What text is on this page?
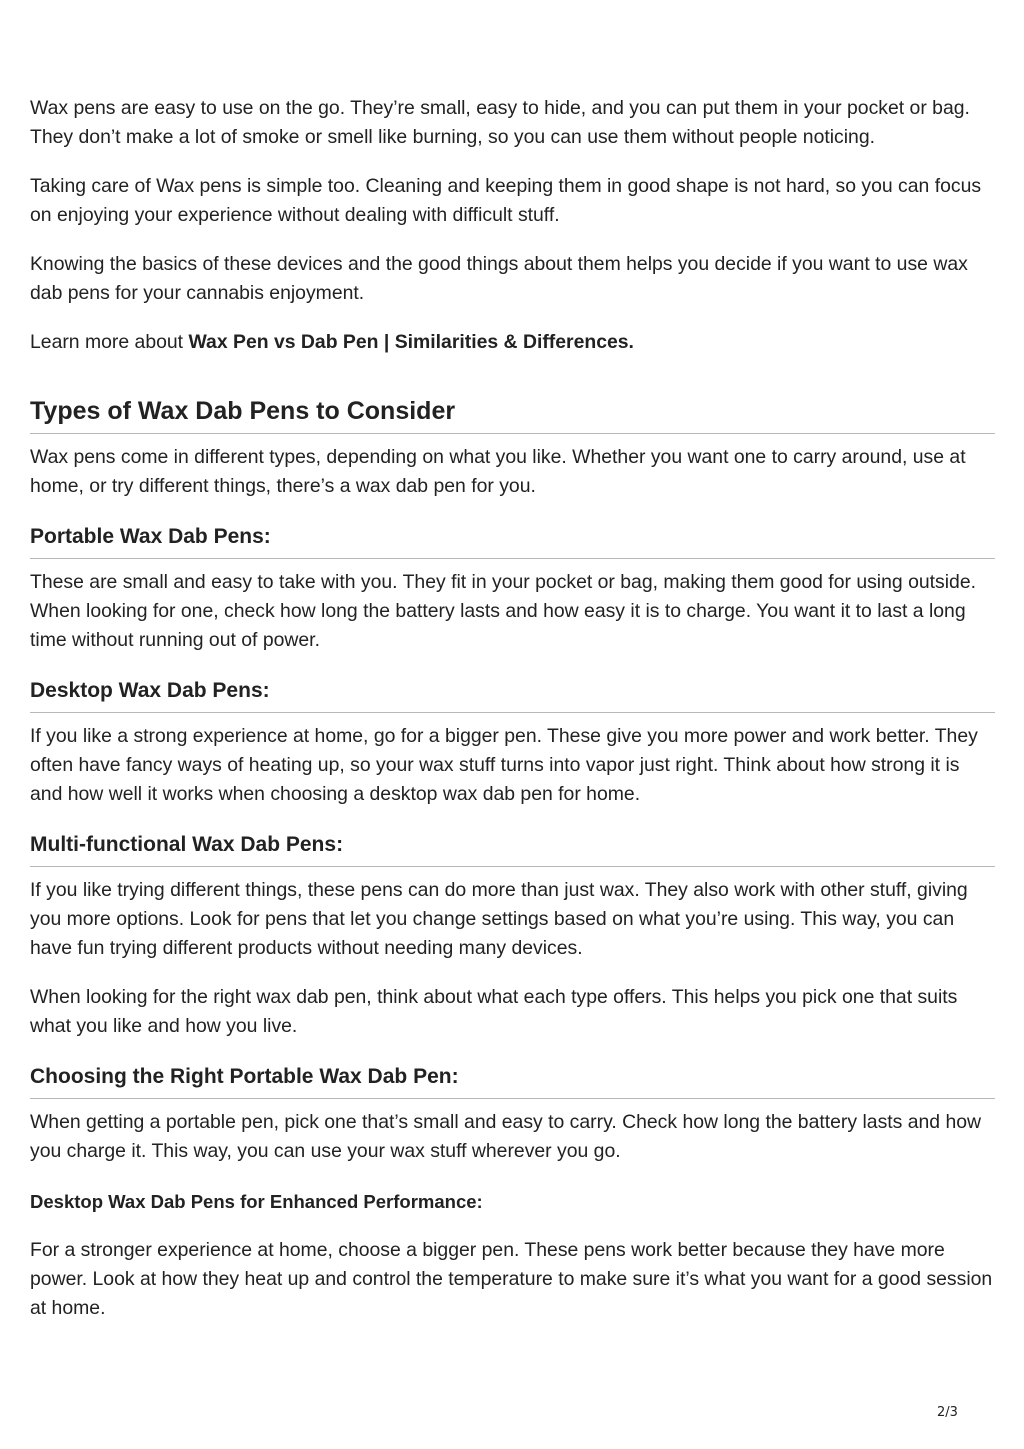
Wax pens are easy to use on the go. They’re small, easy to hide, and you can put them in your pocket or bag. They don’t make a lot of smoke or smell like burning, so you can use them without people noticing.

Taking care of Wax pens is simple too. Cleaning and keeping them in good shape is not hard, so you can focus on enjoying your experience without dealing with difficult stuff.

Knowing the basics of these devices and the good things about them helps you decide if you want to use wax dab pens for your cannabis enjoyment.

Learn more about Wax Pen vs Dab Pen | Similarities & Differences.

Types of Wax Dab Pens to Consider

Wax pens come in different types, depending on what you like. Whether you want one to carry around, use at home, or try different things, there’s a wax dab pen for you.

Portable Wax Dab Pens:

These are small and easy to take with you. They fit in your pocket or bag, making them good for using outside. When looking for one, check how long the battery lasts and how easy it is to charge. You want it to last a long time without running out of power.

Desktop Wax Dab Pens:

If you like a strong experience at home, go for a bigger pen. These give you more power and work better. They often have fancy ways of heating up, so your wax stuff turns into vapor just right. Think about how strong it is and how well it works when choosing a desktop wax dab pen for home.

Multi-functional Wax Dab Pens:

If you like trying different things, these pens can do more than just wax. They also work with other stuff, giving you more options. Look for pens that let you change settings based on what you’re using. This way, you can have fun trying different products without needing many devices.

When looking for the right wax dab pen, think about what each type offers. This helps you pick one that suits what you like and how you live.

Choosing the Right Portable Wax Dab Pen:

When getting a portable pen, pick one that’s small and easy to carry. Check how long the battery lasts and how you charge it. This way, you can use your wax stuff wherever you go.

Desktop Wax Dab Pens for Enhanced Performance:

For a stronger experience at home, choose a bigger pen. These pens work better because they have more power. Look at how they heat up and control the temperature to make sure it’s what you want for a good session at home.

2/3
